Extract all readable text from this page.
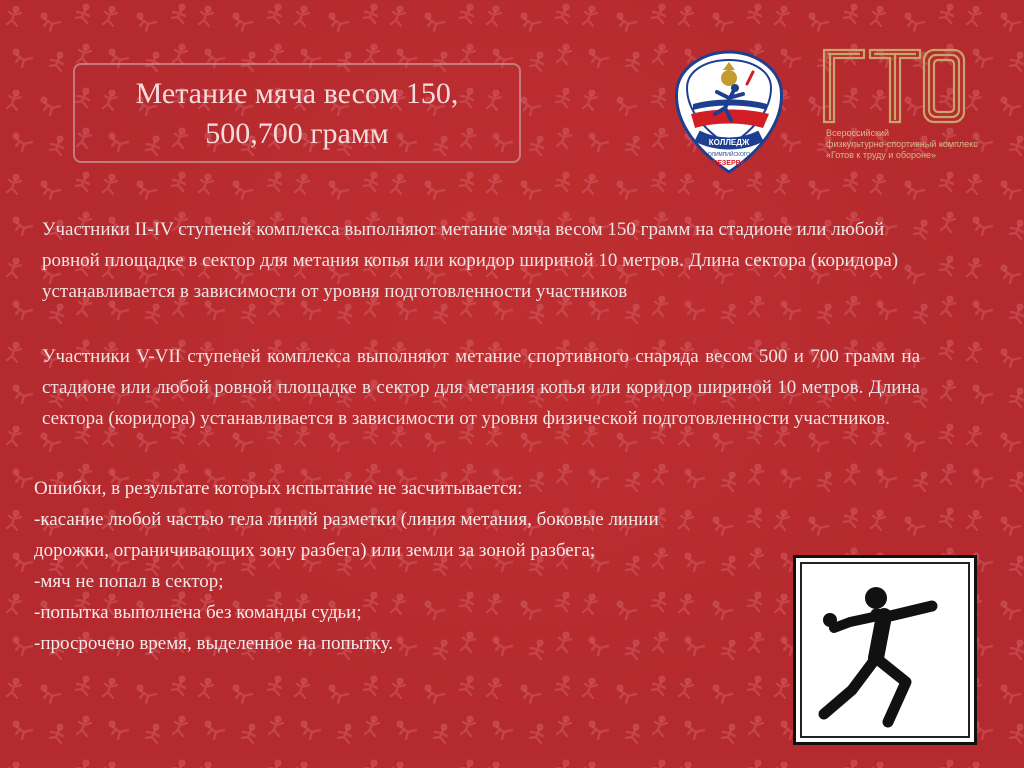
Метание мяча весом 150,
500,700 грамм	КОЛЛЕДЖ
ОЛИМПИЙСКОГО
РЕЗЕРВА
Всероссийский
физкультурно-спортивный комплекс
«Готов к труду и обороне»
Участники II-IV ступеней комплекса выполняют метание мяча весом 150 грамм на стадионе или любой ровной площадке в сектор для метания копья или коридор шириной 10 метров. Длина сектора (коридора) устанавливается в зависимости от уровня подготовленности участников
Участники V-VII ступеней комплекса выполняют метание спортивного снаряда весом 500 и 700 грамм на стадионе или любой ровной площадке в сектор для метания копья или коридор шириной 10 метров. Длина сектора (коридора) устанавливается в зависимости от уровня физической подготовленности участников.
Ошибки, в результате которых испытание не засчитывается:
-касание любой частью тела линий разметки (линия метания, боковые линии
дорожки, ограничивающих зону разбега) или земли за зоной разбега;
-мяч не попал в сектор;
-попытка выполнена без команды судьи;
-просрочено время, выделенное на попытку.
